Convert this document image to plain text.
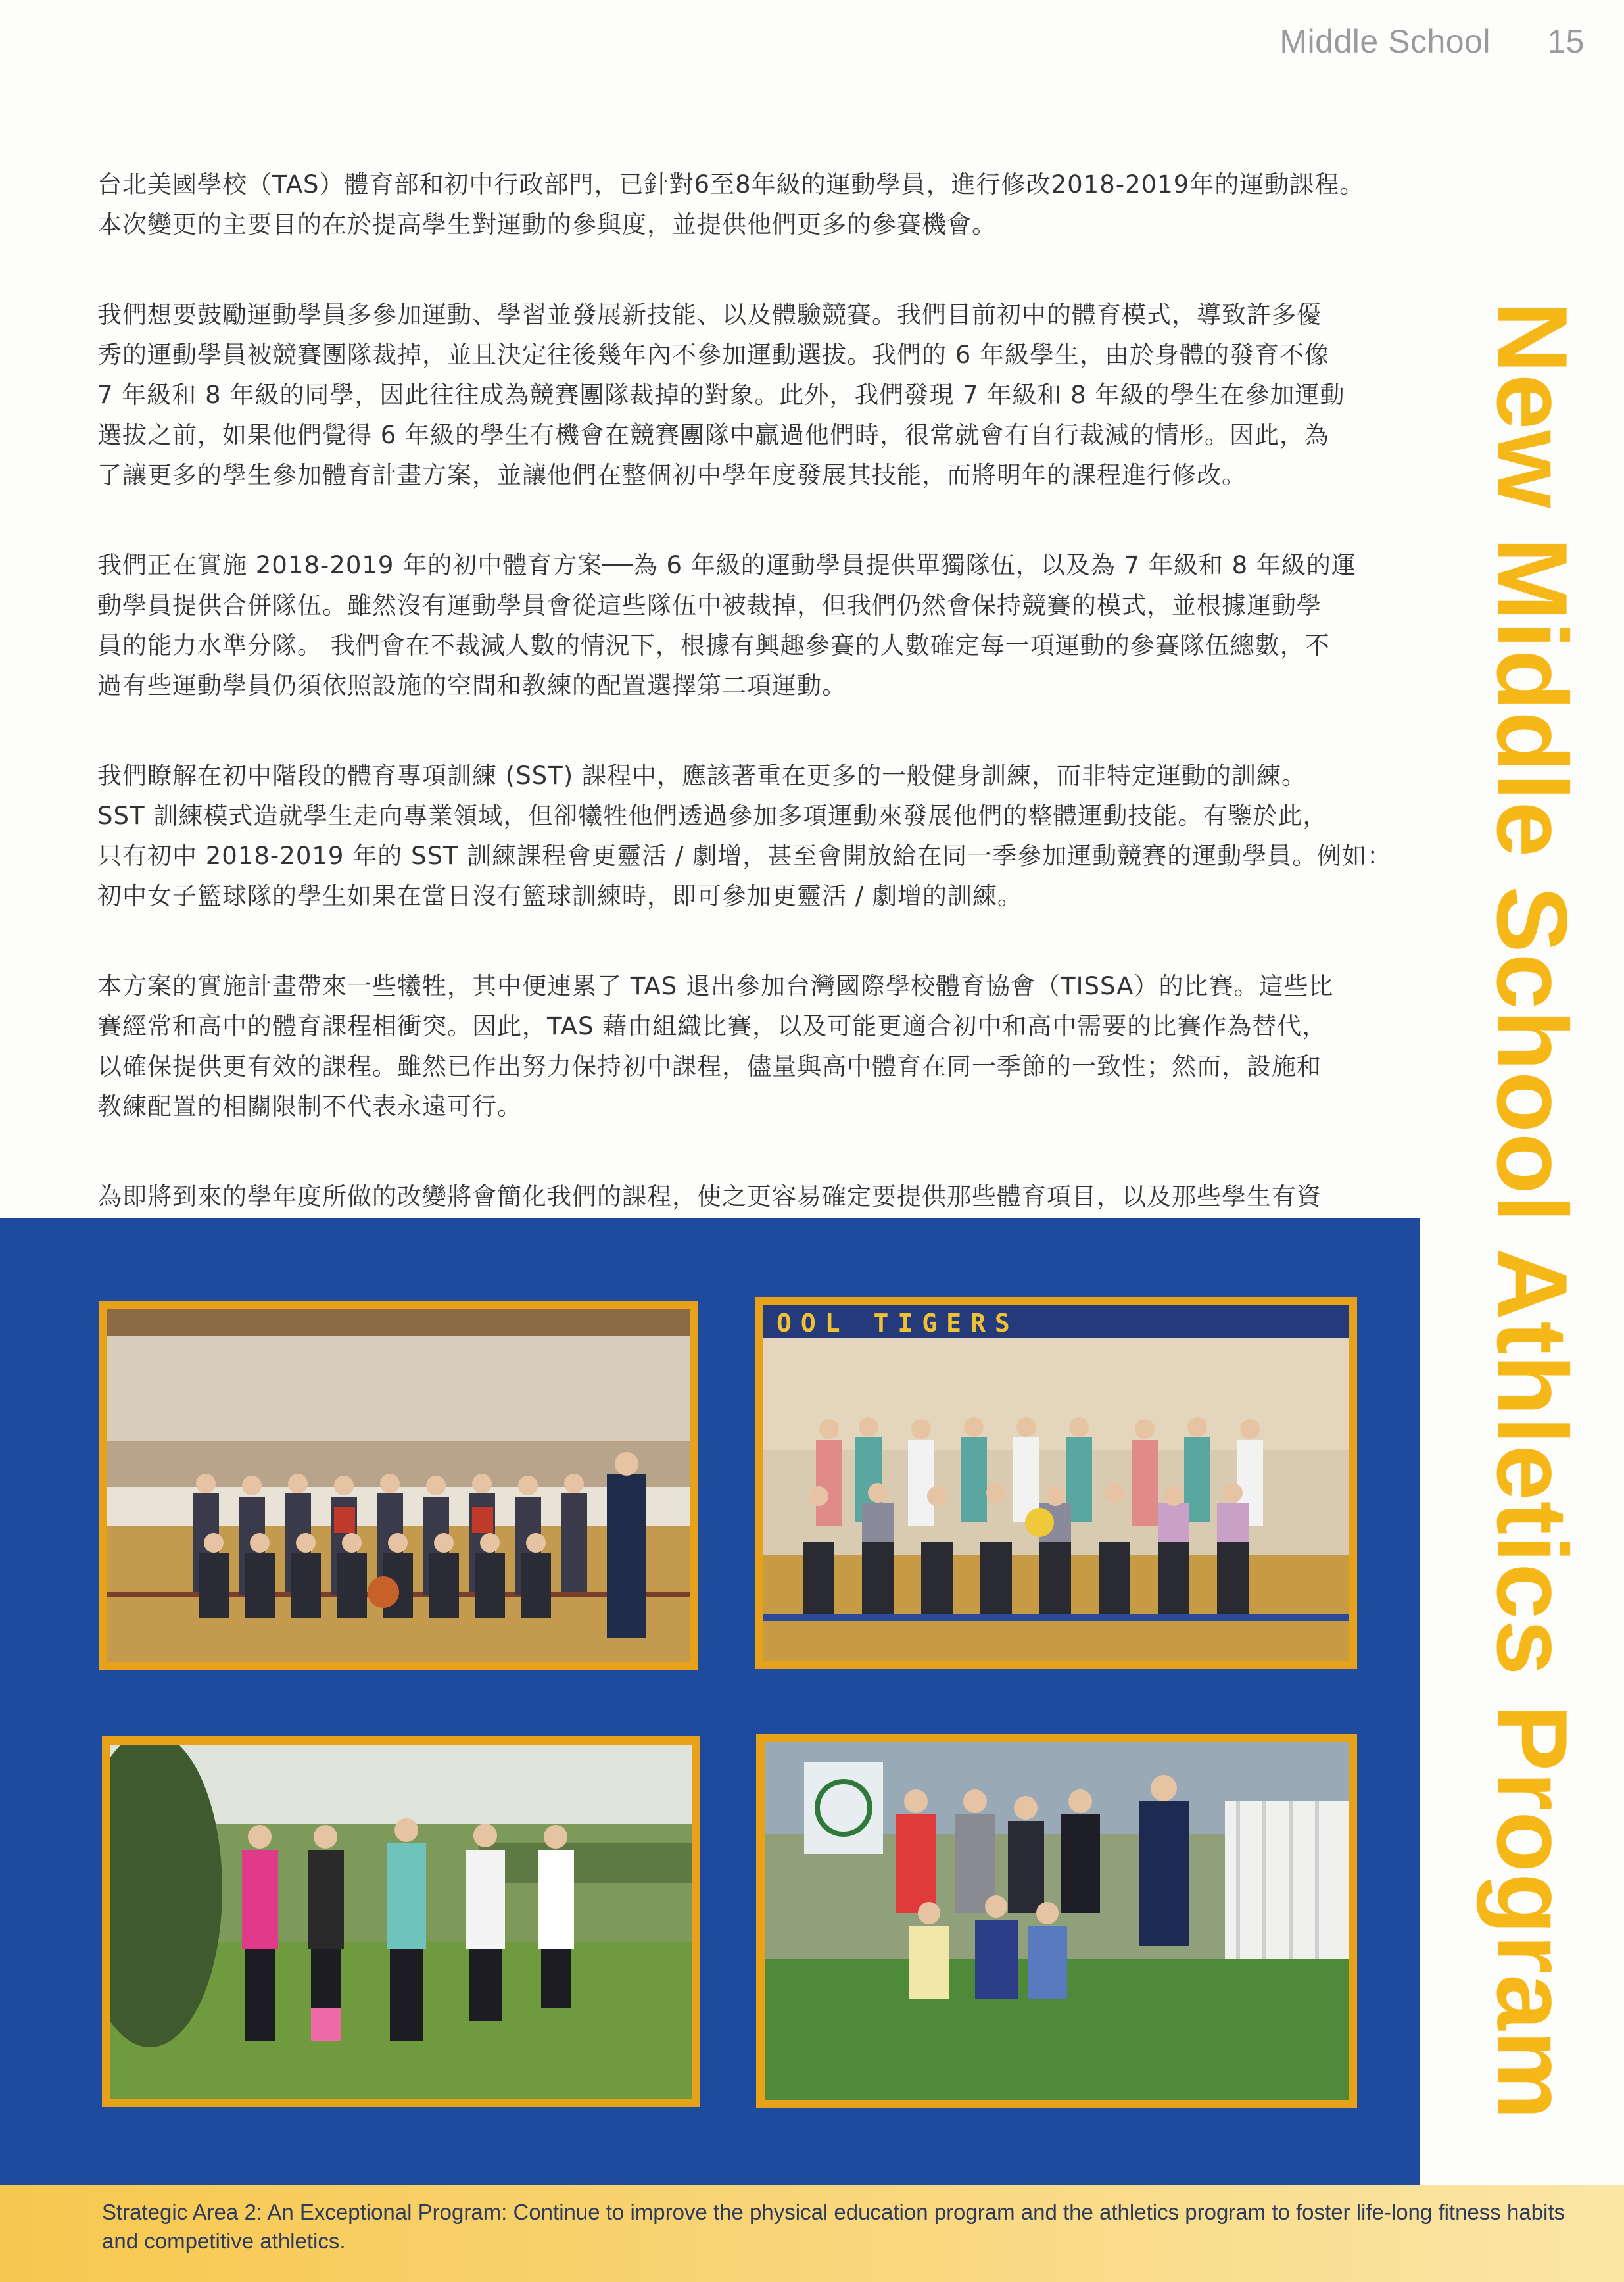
Middle School 15

台北美國學校（TAS）體育部和初中行政部門，已針對6至8年級的運動學員，進行修改2018-2019年的運動課程。
本次變更的主要目的在於提高學生對運動的參與度，並提供他們更多的參賽機會。

我們想要鼓勵運動學員多參加運動、學習並發展新技能、以及體驗競賽。我們目前初中的體育模式，導致許多優
秀的運動學員被競賽團隊裁掉，並且決定往後幾年內不參加運動選拔。我們的 6 年級學生，由於身體的發育不像
7 年級和 8 年級的同學，因此往往成為競賽團隊裁掉的對象。此外，我們發現 7 年級和 8 年級的學生在參加運動
選拔之前，如果他們覺得 6 年級的學生有機會在競賽團隊中贏過他們時，很常就會有自行裁減的情形。因此，為
了讓更多的學生參加體育計畫方案，並讓他們在整個初中學年度發展其技能，而將明年的課程進行修改。

我們正在實施 2018-2019 年的初中體育方案──為 6 年級的運動學員提供單獨隊伍，以及為 7 年級和 8 年級的運
動學員提供合併隊伍。雖然沒有運動學員會從這些隊伍中被裁掉，但我們仍然會保持競賽的模式，並根據運動學
員的能力水準分隊。 我們會在不裁減人數的情況下，根據有興趣參賽的人數確定每一項運動的參賽隊伍總數，不
過有些運動學員仍須依照設施的空間和教練的配置選擇第二項運動。

我們瞭解在初中階段的體育專項訓練 (SST) 課程中，應該著重在更多的一般健身訓練，而非特定運動的訓練。
SST 訓練模式造就學生走向專業領域，但卻犧牲他們透過參加多項運動來發展他們的整體運動技能。有鑒於此，
只有初中 2018-2019 年的 SST 訓練課程會更靈活 / 劇增，甚至會開放給在同一季參加運動競賽的運動學員。例如：
初中女子籃球隊的學生如果在當日沒有籃球訓練時，即可參加更靈活 / 劇增的訓練。

本方案的實施計畫帶來一些犧牲，其中便連累了 TAS 退出參加台灣國際學校體育協會（TISSA）的比賽。這些比
賽經常和高中的體育課程相衝突。因此，TAS 藉由組織比賽，以及可能更適合初中和高中需要的比賽作為替代，
以確保提供更有效的課程。雖然已作出努力保持初中課程，儘量與高中體育在同一季節的一致性；然而，設施和
教練配置的相關限制不代表永遠可行。

為即將到來的學年度所做的改變將會簡化我們的課程，使之更容易確定要提供那些體育項目，以及那些學生有資	New Middle School Athletics Program
OOL TIGERS
Strategic Area 2: An Exceptional Program: Continue to improve the physical education program and the athletics program to foster life-long fitness habits and competitive athletics.
